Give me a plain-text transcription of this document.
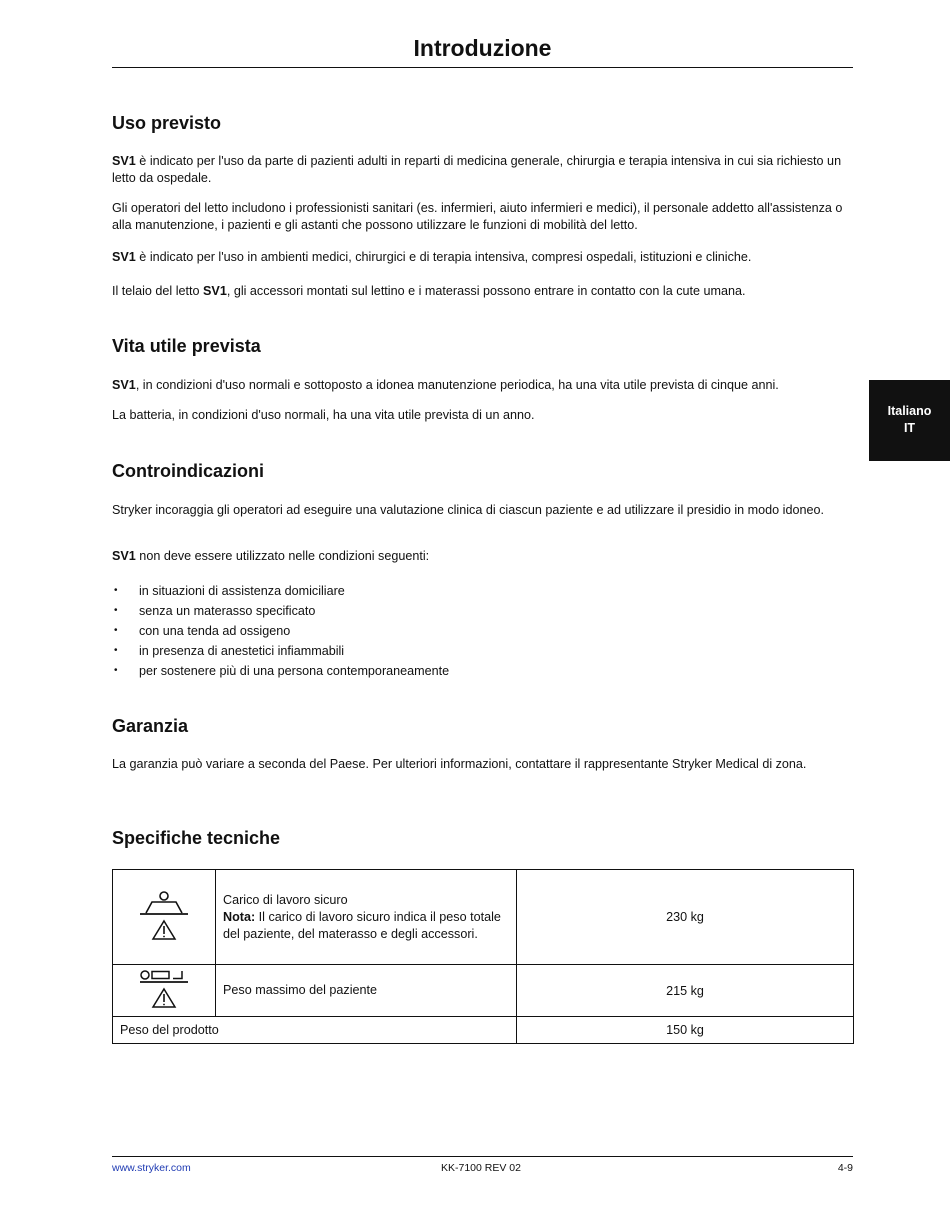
Introduzione
Italiano
IT
Uso previsto

SV1 è indicato per l'uso da parte di pazienti adulti in reparti di medicina generale, chirurgia e terapia intensiva in cui sia richiesto un letto da ospedale.

Gli operatori del letto includono i professionisti sanitari (es. infermieri, aiuto infermieri e medici), il personale addetto all'assistenza o alla manutenzione, i pazienti e gli astanti che possono utilizzare le funzioni di mobilità del letto.

SV1 è indicato per l'uso in ambienti medici, chirurgici e di terapia intensiva, compresi ospedali, istituzioni e cliniche.

Il telaio del letto SV1, gli accessori montati sul lettino e i materassi possono entrare in contatto con la cute umana.

Vita utile prevista

SV1, in condizioni d'uso normali e sottoposto a idonea manutenzione periodica, ha una vita utile prevista di cinque anni.

La batteria, in condizioni d'uso normali, ha una vita utile prevista di un anno.

Controindicazioni

Stryker incoraggia gli operatori ad eseguire una valutazione clinica di ciascun paziente e ad utilizzare il presidio in modo idoneo.

SV1 non deve essere utilizzato nelle condizioni seguenti:

• in situazioni di assistenza domiciliare
• senza un materasso specificato
• con una tenda ad ossigeno
• in presenza di anestetici infiammabili
• per sostenere più di una persona contemporaneamente
Garanzia

La garanzia può variare a seconda del Paese. Per ulteriori informazioni, contattare il rappresentante Stryker Medical di zona.

Specifiche tecniche

Carico di lavoro sicuro
Nota: Il carico di lavoro sicuro indica il peso totale del paziente, del materasso e degli accessori.	230 kg
	Peso massimo del paziente	215 kg
Peso del prodotto		150 kg
www.stryker.com	KK-7100 REV 02	4-9
